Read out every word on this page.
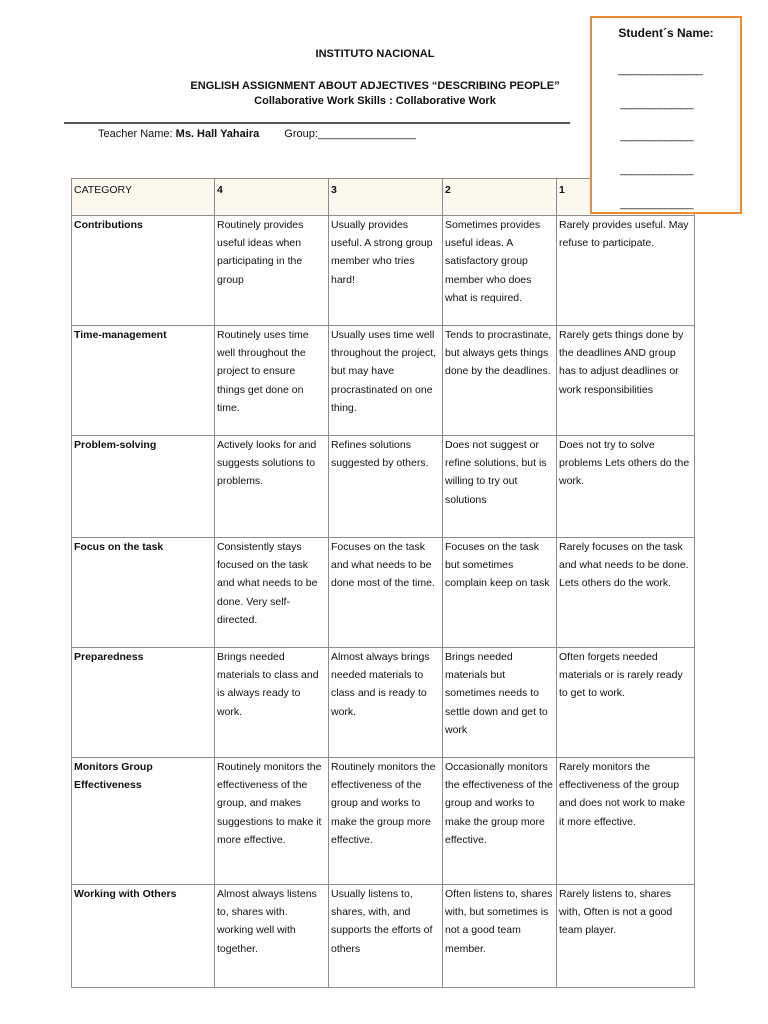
INSTITUTO NACIONAL
ENGLISH ASSIGNMENT ABOUT ADJECTIVES “DESCRIBING PEOPLE”
Collaborative Work Skills : Collaborative Work
Teacher Name: Ms. Hall Yahaira Group:________________
Student´s Name:
_______________
_____________
_____________
_____________
_____________
CATEGORY	4	3	2	1
Contributions	Routinely provides useful ideas when participating in the group	Usually provides useful. A strong group member who tries hard!	Sometimes provides useful ideas. A satisfactory group member who does what is required.	Rarely provides useful. May refuse to participate.
Time-management	Routinely uses time well throughout the project to ensure things get done on time.	Usually uses time well throughout the project, but may have procrastinated on one thing.	Tends to procrastinate, but always gets things done by the deadlines.	Rarely gets things done by the deadlines AND group has to adjust deadlines or work responsibilities
Problem-solving	Actively looks for and suggests solutions to problems.	Refines solutions suggested by others.	Does not suggest or refine solutions, but is willing to try out solutions	Does not try to solve problems Lets others do the work.
Focus on the task	Consistently stays focused on the task and what needs to be done. Very self-directed.	Focuses on the task and what needs to be done most of the time.	Focuses on the task but sometimes complain keep on task	Rarely focuses on the task and what needs to be done. Lets others do the work.
Preparedness	Brings needed materials to class and is always ready to work.	Almost always brings needed materials to class and is ready to work.	Brings needed materials but sometimes needs to settle down and get to work	Often forgets needed materials or is rarely ready to get to work.
Monitors Group Effectiveness	Routinely monitors the effectiveness of the group, and makes suggestions to make it more effective.	Routinely monitors the effectiveness of the group and works to make the group more effective.	Occasionally monitors the effectiveness of the group and works to make the group more effective.	Rarely monitors the effectiveness of the group and does not work to make it more effective.
Working with Others	Almost always listens to, shares with. working well with together.	Usually listens to, shares, with, and supports the efforts of others	Often listens to, shares with, but sometimes is not a good team member.	Rarely listens to, shares with, Often is not a good team player.
